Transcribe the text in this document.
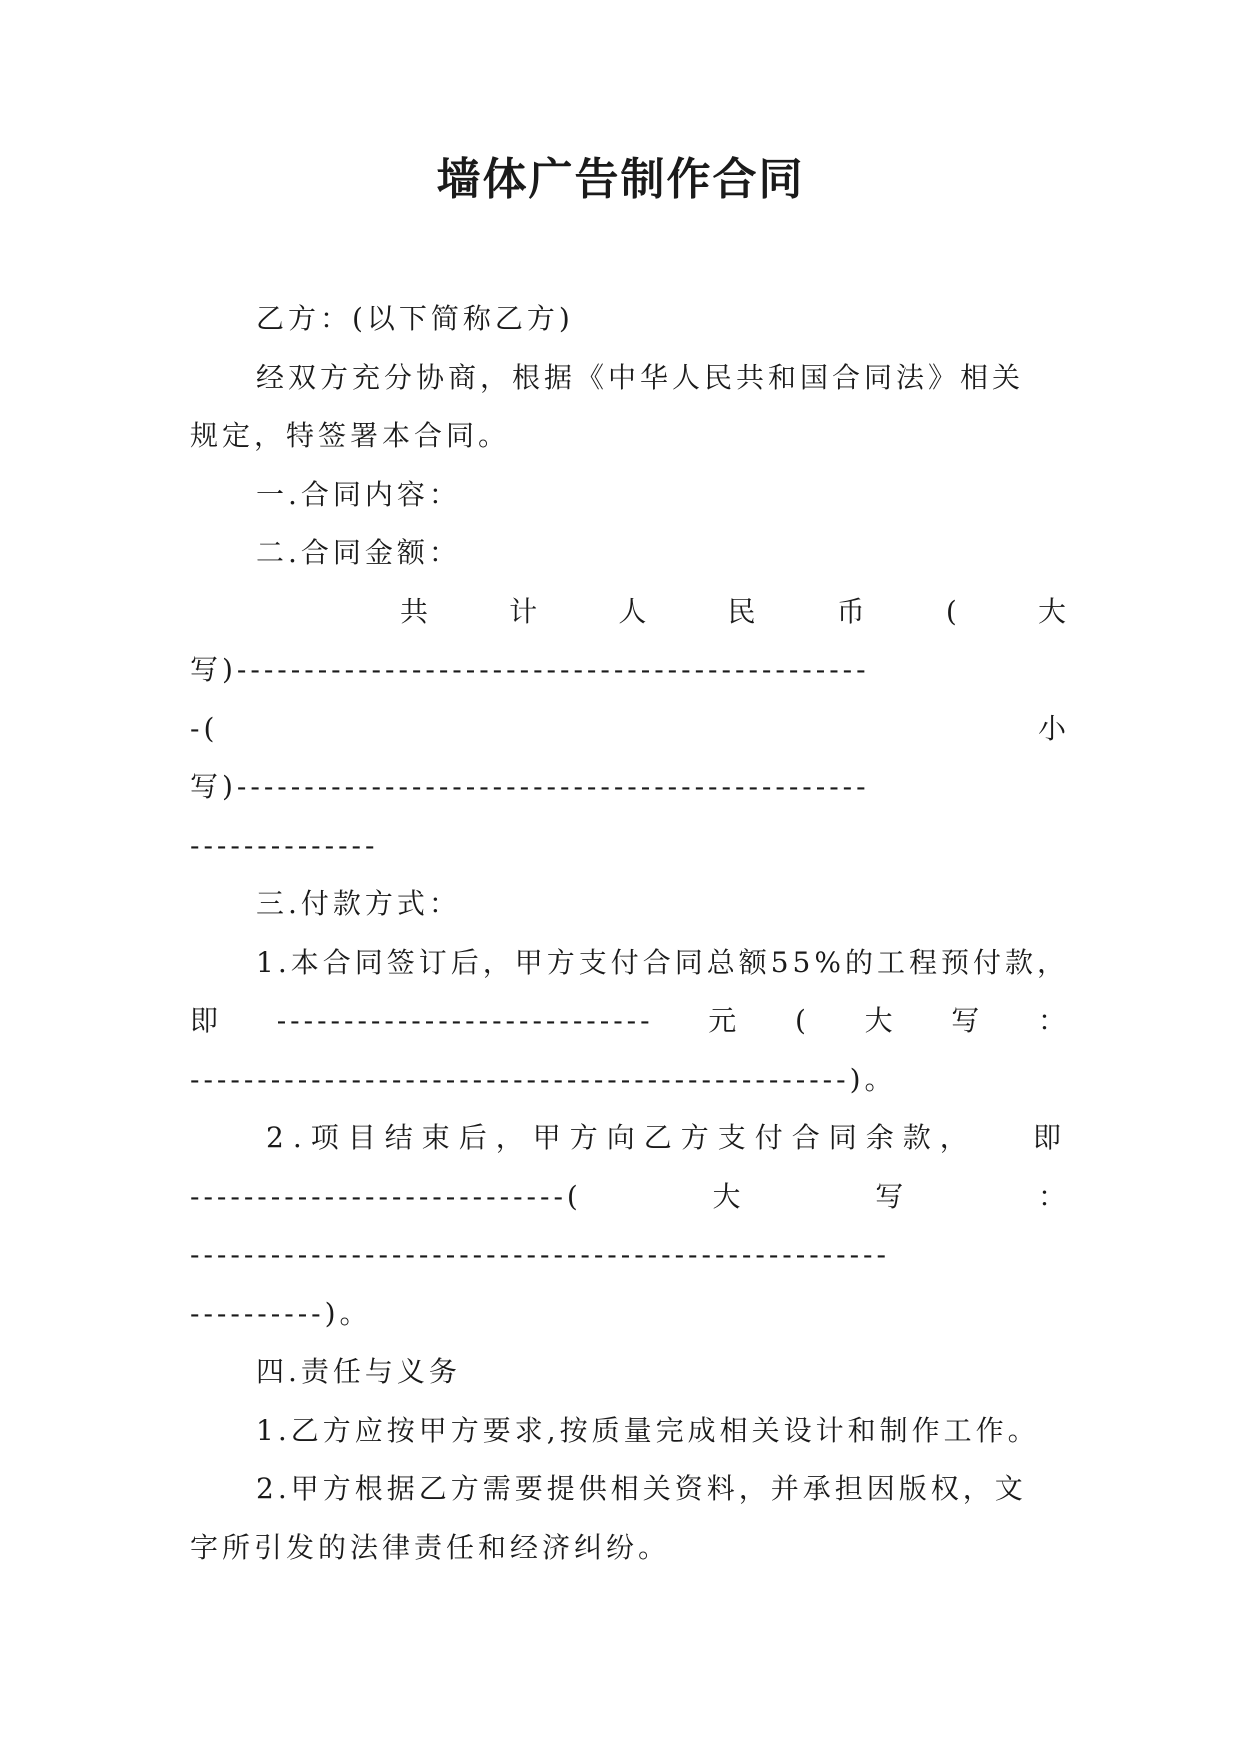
墙体广告制作合同
乙方：(以下简称乙方)
经双方充分协商，根据《中华人民共和国合同法》相关
规定，特签署本合同。
一.合同内容：
二.合同金额：
共	计	人	民	币	(	大
写)-----------------------------------------------
-(	小
写)-----------------------------------------------
--------------
三.付款方式：
1.本合同签订后，甲方支付合同总额55%的工程预付款，
即 ---------------------------- 元 ( 大 写 ：
-------------------------------------------------)。
2.项目结束后，甲方向乙方支付合同余款， 即
----------------------------(	大	写	：
----------------------------------------------------
----------)。
四.责任与义务
1.乙方应按甲方要求,按质量完成相关设计和制作工作。
2.甲方根据乙方需要提供相关资料，并承担因版权，文
字所引发的法律责任和经济纠纷。
